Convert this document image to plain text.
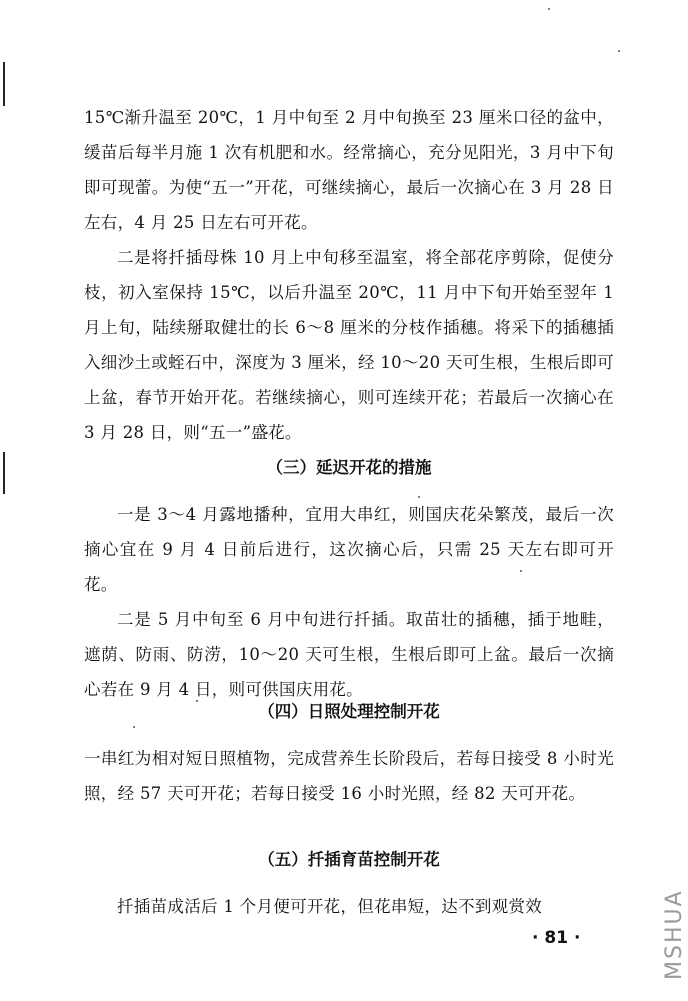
15℃渐升温至 20℃，1 月中旬至 2 月中旬换至 23 厘米口径的盆中，缓苗后每半月施 1 次有机肥和水。经常摘心，充分见阳光，3 月中下旬即可现蕾。为使“五一”开花，可继续摘心，最后一次摘心在 3 月 28 日左右，4 月 25 日左右可开花。

二是将扦插母株 10 月上中旬移至温室，将全部花序剪除，促使分枝，初入室保持 15℃，以后升温至 20℃，11 月中下旬开始至翌年 1 月上旬，陆续掰取健壮的长 6～8 厘米的分枝作插穗。将采下的插穗插入细沙土或蛭石中，深度为 3 厘米，经 10～20 天可生根，生根后即可上盆，春节开始开花。若继续摘心，则可连续开花；若最后一次摘心在 3 月 28 日，则“五一”盛花。

（三）延迟开花的措施

一是 3～4 月露地播种，宜用大串红，则国庆花朵繁茂，最后一次摘心宜在 9 月 4 日前后进行，这次摘心后，只需 25 天左右即可开花。

二是 5 月中旬至 6 月中旬进行扦插。取苗壮的插穗，插于地畦，遮荫、防雨、防涝，10～20 天可生根，生根后即可上盆。最后一次摘心若在 9 月 4 日，则可供国庆用花。

（四）日照处理控制开花

一串红为相对短日照植物，完成营养生长阶段后，若每日接受 8 小时光照，经 57 天可开花；若每日接受 16 小时光照，经 82 天可开花。

（五）扦插育苗控制开花

扦插苗成活后 1 个月便可开花，但花串短，达不到观赏效

· 81 ·	MSHUA
